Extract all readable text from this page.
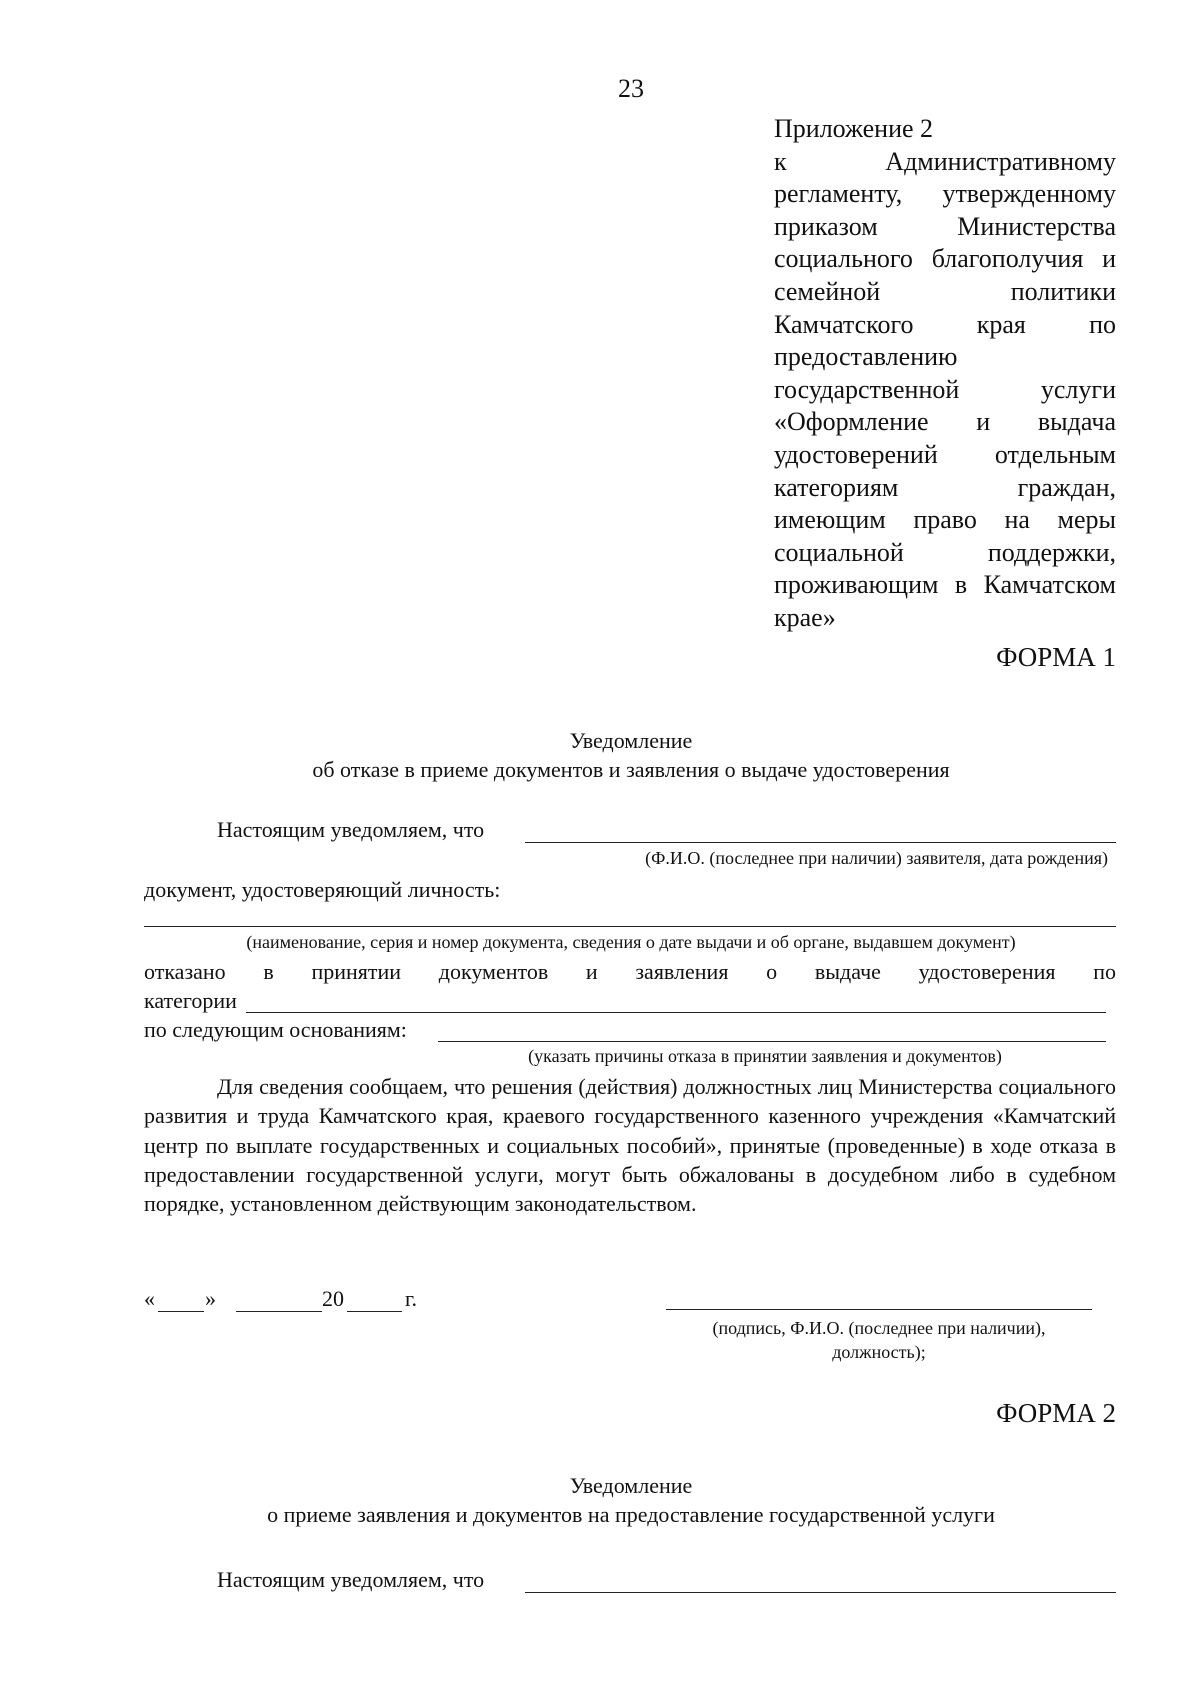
23
Приложение 2
к Административному регламенту, утвержденному приказом Министерства социального благополучия и семейной политики Камчатского края по предоставлению государственной услуги «Оформление и выдача удостоверений отдельным категориям граждан, имеющим право на меры социальной поддержки, проживающим в Камчатском крае»
ФОРМА 1
Уведомление
об отказе в приеме документов и заявления о выдаче удостоверения
Настоящим уведомляем, что
(Ф.И.О. (последнее при наличии) заявителя, дата рождения)
документ, удостоверяющий личность:
(наименование, серия и номер документа, сведения о дате выдачи и об органе, выдавшем документ)
отказано в принятии документов и заявления о выдаче удостоверения по
категории
по следующим основаниям:
(указать причины отказа в принятии заявления и документов)
Для сведения сообщаем, что решения (действия) должностных лиц Министерства социального развития и труда Камчатского края, краевого государственного казенного учреждения «Камчатский центр по выплате государственных и социальных пособий», принятые (проведенные) в ходе отказа в предоставлении государственной услуги, могут быть обжалованы в досудебном либо в судебном порядке, установленном действующим законодательством.
« »	20	г.
(подпись, Ф.И.О. (последнее при наличии),
должность);
ФОРМА 2
Уведомление
о приеме заявления и документов на предоставление государственной услуги
Настоящим уведомляем, что
